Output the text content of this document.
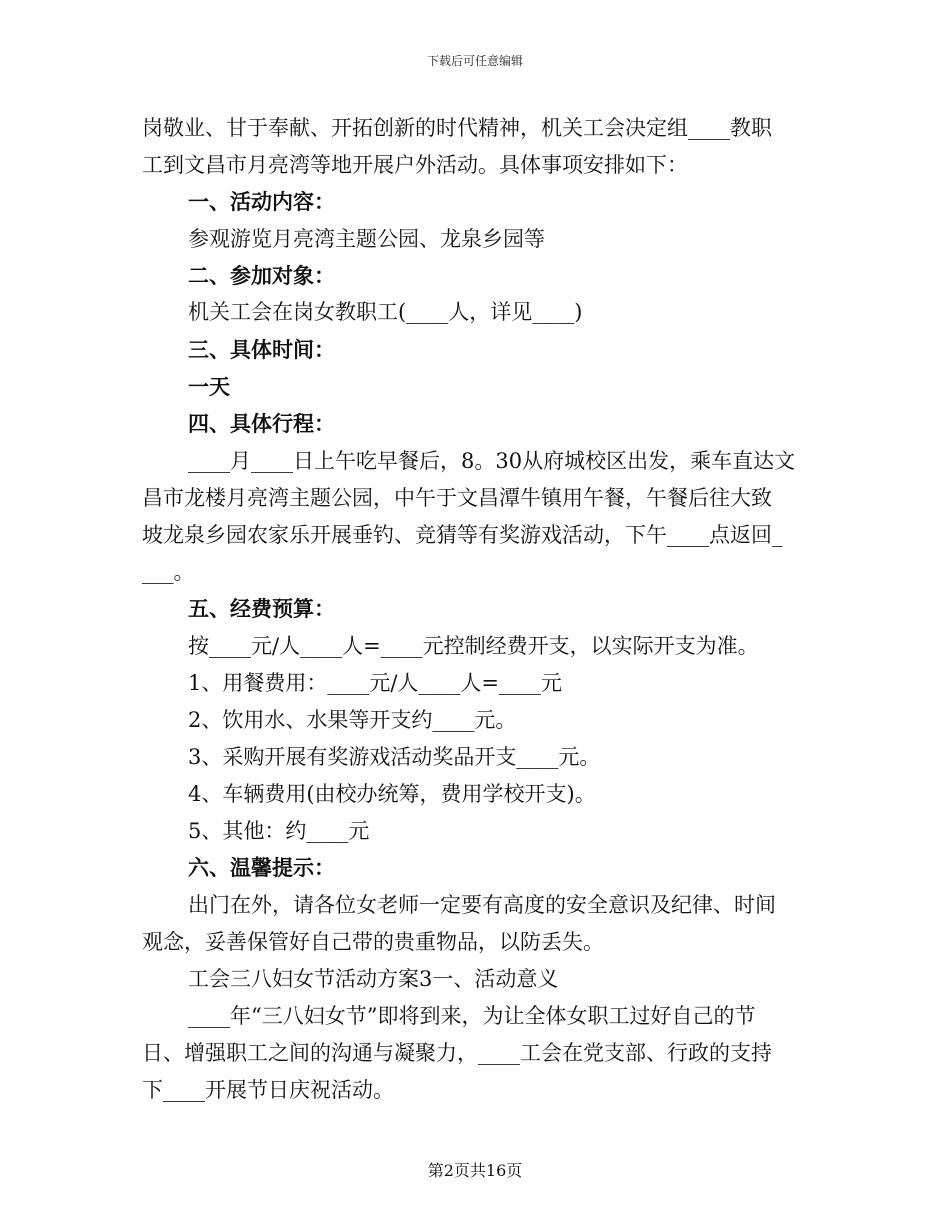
下载后可任意编辑
岗敬业、甘于奉献、开拓创新的时代精神，机关工会决定组____教职
工到文昌市月亮湾等地开展户外活动。具体事项安排如下：
一、活动内容：
参观游览月亮湾主题公园、龙泉乡园等
二、参加对象：
机关工会在岗女教职工(____人，详见____)
三、具体时间：
一天
四、具体行程：
____月____日上午吃早餐后，8。30从府城校区出发，乘车直达文
昌市龙楼月亮湾主题公园，中午于文昌潭牛镇用午餐，午餐后往大致
坡龙泉乡园农家乐开展垂钓、竞猜等有奖游戏活动，下午____点返回_
___。
五、经费预算：
按____元/人____人=____元控制经费开支，以实际开支为准。
1、用餐费用：____元/人____人=____元
2、饮用水、水果等开支约____元。
3、采购开展有奖游戏活动奖品开支____元。
4、车辆费用(由校办统筹，费用学校开支)。
5、其他：约____元
六、温馨提示：
出门在外，请各位女老师一定要有高度的安全意识及纪律、时间
观念，妥善保管好自己带的贵重物品，以防丢失。
工会三八妇女节活动方案3一、活动意义
____年“三八妇女节”即将到来，为让全体女职工过好自己的节
日、增强职工之间的沟通与凝聚力，____工会在党支部、行政的支持
下____开展节日庆祝活动。
第2页共16页
